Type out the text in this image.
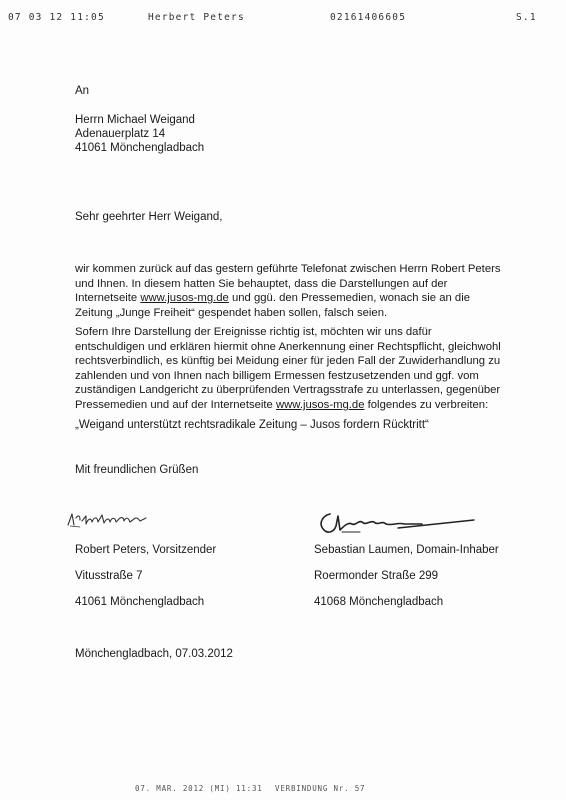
07 03 12 11:05	Herbert Peters	02161406605	S.1
An
Herrn Michael Weigand
Adenauerplatz 14
41061 Mönchengladbach
Sehr geehrter Herr Weigand,
wir kommen zurück auf das gestern geführte Telefonat zwischen Herrn Robert Peters
und Ihnen. In diesem hatten Sie behauptet, dass die Darstellungen auf der
Internetseite www.jusos-mg.de und ggü. den Pressemedien, wonach sie an die
Zeitung „Junge Freiheit“ gespendet haben sollen, falsch seien.
Sofern Ihre Darstellung der Ereignisse richtig ist, möchten wir uns dafür
entschuldigen und erklären hiermit ohne Anerkennung einer Rechtspflicht, gleichwohl
rechtsverbindlich, es künftig bei Meidung einer für jeden Fall der Zuwiderhandlung zu
zahlenden und von Ihnen nach billigem Ermessen festzusetzenden und ggf. vom
zuständigen Landgericht zu überprüfenden Vertragsstrafe zu unterlassen, gegenüber
Pressemedien und auf der Internetseite www.jusos-mg.de folgendes zu verbreiten:
„Weigand unterstützt rechtsradikale Zeitung – Jusos fordern Rücktritt“
Mit freundlichen Grüßen
Robert Peters, Vorsitzender
Vitusstraße 7
41061 Mönchengladbach
Sebastian Laumen, Domain-Inhaber
Roermonder Straße 299
41068 Mönchengladbach
Mönchengladbach, 07.03.2012
07. MAR. 2012 (MI) 11:31 VERBINDUNG Nr. 57
